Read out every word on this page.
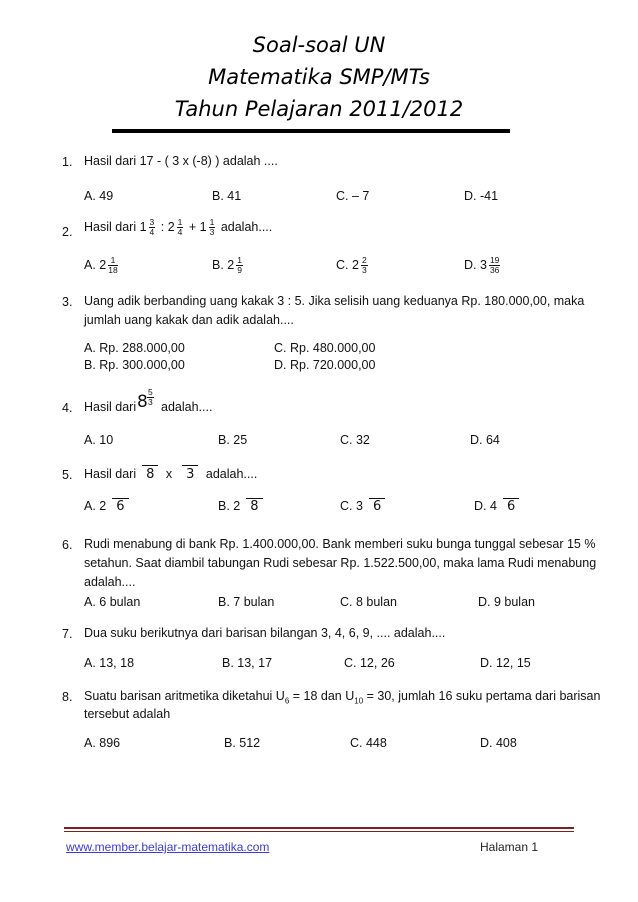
Soal-soal UN
Matematika SMP/MTs
Tahun Pelajaran 2011/2012
1. Hasil dari 17 - ( 3 x (-8) ) adalah ....
A. 49	B. 41	C. – 7	D. -41
2. Hasil dari $1 \frac{3}{4}$ : $2 \frac{1}{4} + 1 \frac{1}{3}$ adalah....
A. $2 \frac{1}{18}$	B. $2 \frac{1}{9}$	C. $2 \frac{2}{3}$	D. $3 \frac{19}{36}$
3. Uang adik berbanding uang kakak 3 : 5. Jika selisih uang keduanya Rp. 180.000,00, maka
jumlah uang kakak dan adik adalah....
A. Rp. 288.000,00
B. Rp. 300.000,00
C. Rp. 480.000,00
D. Rp. 720.000,00
4. Hasil dari $8 \frac{5}{3}$ adalah....
A. 10	B. 25	C. 32	D. 64
5. Hasil dari 8 x 3 adalah....
A. 2 6	B. 2 8	C. 3 6	D. 4 6
6. Rudi menabung di bank Rp. 1.400.000,00. Bank memberi suku bunga tunggal sebesar 15 %
setahun. Saat diambil tabungan Rudi sebesar Rp. 1.522.500,00, maka lama Rudi menabung
adalah....
A. 6 bulan	B. 7 bulan	C. 8 bulan	D. 9 bulan
7. Dua suku berikutnya dari barisan bilangan 3, 4, 6, 9, .... adalah....
A. 13, 18	B. 13, 17	C. 12, 26	D. 12, 15
8. Suatu barisan aritmetika diketahui $U_6 = 18$ dan $U_{10} = 30$, jumlah 16 suku pertama dari barisan
tersebut adalah
A. 896	B. 512	C. 448	D. 408
www.member.belajar-matematika.com	Halaman 1
